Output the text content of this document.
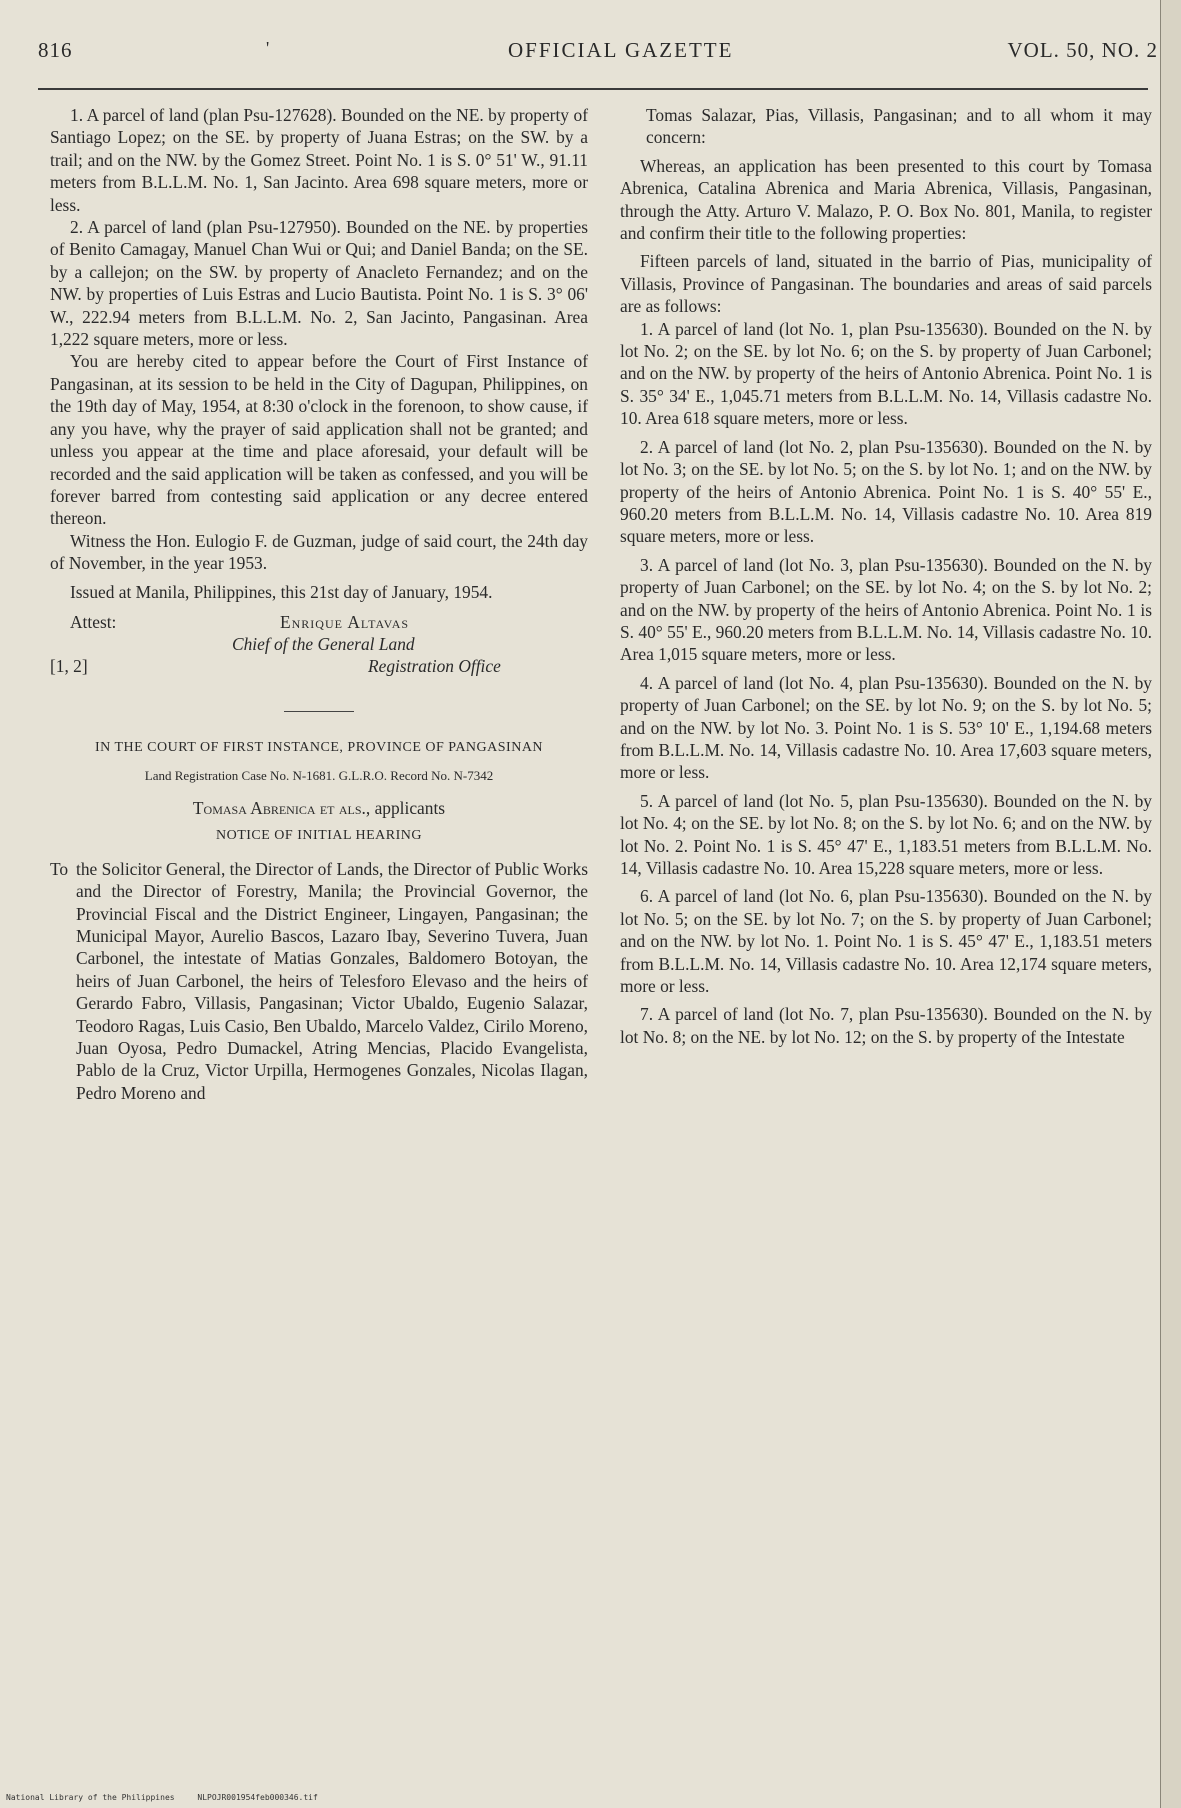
816	'	OFFICIAL GAZETTE	VOL. 50, NO. 2

1. A parcel of land (plan Psu-127628). Bounded on the NE. by property of Santiago Lopez; on the SE. by property of Juana Estras; on the SW. by a trail; and on the NW. by the Gomez Street. Point No. 1 is S. 0° 51' W., 91.11 meters from B.L.L.M. No. 1, San Jacinto. Area 698 square meters, more or less.

2. A parcel of land (plan Psu-127950). Bounded on the NE. by properties of Benito Camagay, Manuel Chan Wui or Qui; and Daniel Banda; on the SE. by a callejon; on the SW. by property of Anacleto Fernandez; and on the NW. by properties of Luis Estras and Lucio Bautista. Point No. 1 is S. 3° 06' W., 222.94 meters from B.L.L.M. No. 2, San Jacinto, Pangasinan. Area 1,222 square meters, more or less.

You are hereby cited to appear before the Court of First Instance of Pangasinan, at its session to be held in the City of Dagupan, Philippines, on the 19th day of May, 1954, at 8:30 o'clock in the forenoon, to show cause, if any you have, why the prayer of said application shall not be granted; and unless you appear at the time and place aforesaid, your default will be recorded and the said application will be taken as confessed, and you will be forever barred from contesting said application or any decree entered thereon.

Witness the Hon. Eulogio F. de Guzman, judge of said court, the 24th day of November, in the year 1953.

Issued at Manila, Philippines, this 21st day of January, 1954.

Attest:	Enrique Altavas
Chief of the General Land
Registration Office
[1, 2]
IN THE COURT OF FIRST INSTANCE, PROVINCE OF PANGASINAN
Land Registration Case No. N-1681. G.L.R.O. Record No. N-7342
Tomasa Abrenica et als., applicants
NOTICE OF INITIAL HEARING
To the Solicitor General, the Director of Lands, the Director of Public Works and the Director of Forestry, Manila; the Provincial Governor, the Provincial Fiscal and the District Engineer, Lingayen, Pangasinan; the Municipal Mayor, Aurelio Bascos, Lazaro Ibay, Severino Tuvera, Juan Carbonel, the intestate of Matias Gonzales, Baldomero Botoyan, the heirs of Juan Carbonel, the heirs of Telesforo Elevaso and the heirs of Gerardo Fabro, Villasis, Pangasinan; Victor Ubaldo, Eugenio Salazar, Teodoro Ragas, Luis Casio, Ben Ubaldo, Marcelo Valdez, Cirilo Moreno, Juan Oyosa, Pedro Dumackel, Atring Mencias, Placido Evangelista, Pablo de la Cruz, Victor Urpilla, Hermogenes Gonzales, Nicolas Ilagan, Pedro Moreno and

Tomas Salazar, Pias, Villasis, Pangasinan; and to all whom it may concern:

Whereas, an application has been presented to this court by Tomasa Abrenica, Catalina Abrenica and Maria Abrenica, Villasis, Pangasinan, through the Atty. Arturo V. Malazo, P. O. Box No. 801, Manila, to register and confirm their title to the following properties:

Fifteen parcels of land, situated in the barrio of Pias, municipality of Villasis, Province of Pangasinan. The boundaries and areas of said parcels are as follows:

1. A parcel of land (lot No. 1, plan Psu-135630). Bounded on the N. by lot No. 2; on the SE. by lot No. 6; on the S. by property of Juan Carbonel; and on the NW. by property of the heirs of Antonio Abrenica. Point No. 1 is S. 35° 34' E., 1,045.71 meters from B.L.L.M. No. 14, Villasis cadastre No. 10. Area 618 square meters, more or less.

2. A parcel of land (lot No. 2, plan Psu-135630). Bounded on the N. by lot No. 3; on the SE. by lot No. 5; on the S. by lot No. 1; and on the NW. by property of the heirs of Antonio Abrenica. Point No. 1 is S. 40° 55' E., 960.20 meters from B.L.L.M. No. 14, Villasis cadastre No. 10. Area 819 square meters, more or less.

3. A parcel of land (lot No. 3, plan Psu-135630). Bounded on the N. by property of Juan Carbonel; on the SE. by lot No. 4; on the S. by lot No. 2; and on the NW. by property of the heirs of Antonio Abrenica. Point No. 1 is S. 40° 55' E., 960.20 meters from B.L.L.M. No. 14, Villasis cadastre No. 10. Area 1,015 square meters, more or less.

4. A parcel of land (lot No. 4, plan Psu-135630). Bounded on the N. by property of Juan Carbonel; on the SE. by lot No. 9; on the S. by lot No. 5; and on the NW. by lot No. 3. Point No. 1 is S. 53° 10' E., 1,194.68 meters from B.L.L.M. No. 14, Villasis cadastre No. 10. Area 17,603 square meters, more or less.

5. A parcel of land (lot No. 5, plan Psu-135630). Bounded on the N. by lot No. 4; on the SE. by lot No. 8; on the S. by lot No. 6; and on the NW. by lot No. 2. Point No. 1 is S. 45° 47' E., 1,183.51 meters from B.L.L.M. No. 14, Villasis cadastre No. 10. Area 15,228 square meters, more or less.

6. A parcel of land (lot No. 6, plan Psu-135630). Bounded on the N. by lot No. 5; on the SE. by lot No. 7; on the S. by property of Juan Carbonel; and on the NW. by lot No. 1. Point No. 1 is S. 45° 47' E., 1,183.51 meters from B.L.L.M. No. 14, Villasis cadastre No. 10. Area 12,174 square meters, more or less.

7. A parcel of land (lot No. 7, plan Psu-135630). Bounded on the N. by lot No. 8; on the NE. by lot No. 12; on the S. by property of the Intestate

National Library of the Philippines	NLPOJR001954feb000346.tif
